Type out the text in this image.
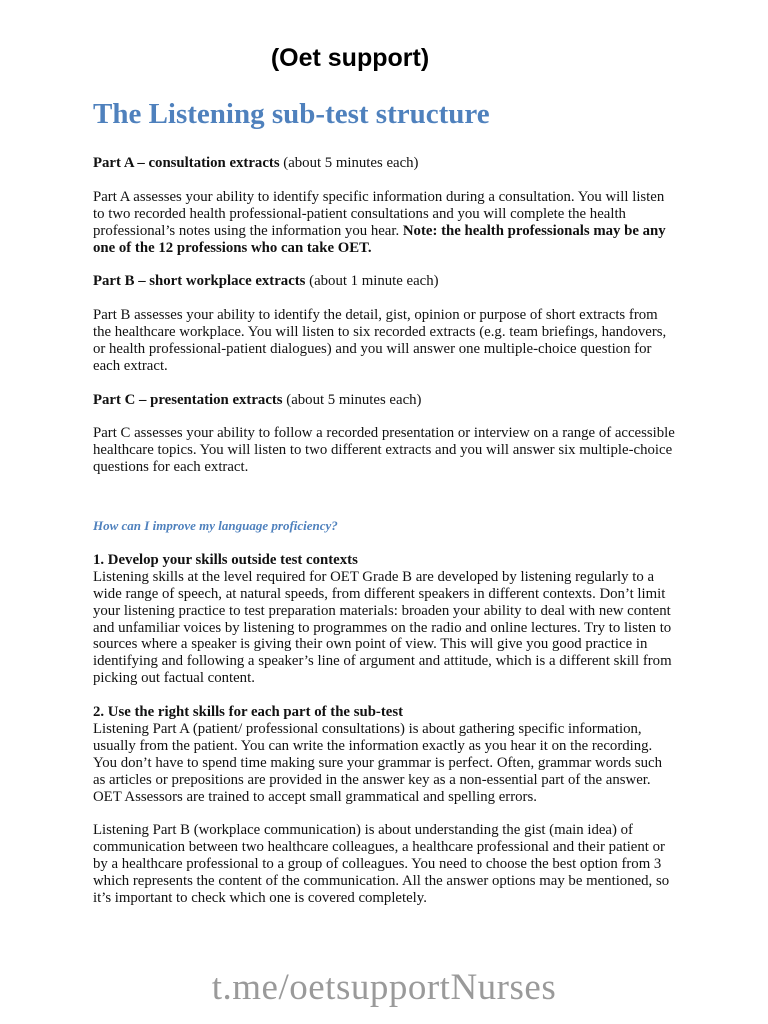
(Oet support)
The Listening sub-test structure

Part A – consultation extracts (about 5 minutes each)

Part A assesses your ability to identify specific information during a consultation. You will listen to two recorded health professional-patient consultations and you will complete the health professional’s notes using the information you hear. Note: the health professionals may be any one of the 12 professions who can take OET.

Part B – short workplace extracts (about 1 minute each)

Part B assesses your ability to identify the detail, gist, opinion or purpose of short extracts from the healthcare workplace. You will listen to six recorded extracts (e.g. team briefings, handovers, or health professional-patient dialogues) and you will answer one multiple-choice question for each extract.

Part C – presentation extracts (about 5 minutes each)

Part C assesses your ability to follow a recorded presentation or interview on a range of accessible healthcare topics. You will listen to two different extracts and you will answer six multiple-choice questions for each extract.

How can I improve my language proficiency?

1. Develop your skills outside test contexts

Listening skills at the level required for OET Grade B are developed by listening regularly to a wide range of speech, at natural speeds, from different speakers in different contexts. Don’t limit your listening practice to test preparation materials: broaden your ability to deal with new content and unfamiliar voices by listening to programmes on the radio and online lectures. Try to listen to sources where a speaker is giving their own point of view. This will give you good practice in identifying and following a speaker’s line of argument and attitude, which is a different skill from picking out factual content.

2. Use the right skills for each part of the sub-test

Listening Part A (patient/ professional consultations) is about gathering specific information, usually from the patient. You can write the information exactly as you hear it on the recording. You don’t have to spend time making sure your grammar is perfect. Often, grammar words such as articles or prepositions are provided in the answer key as a non-essential part of the answer. OET Assessors are trained to accept small grammatical and spelling errors.

Listening Part B (workplace communication) is about understanding the gist (main idea) of communication between two healthcare colleagues, a healthcare professional and their patient or by a healthcare professional to a group of colleagues. You need to choose the best option from 3 which represents the content of the communication. All the answer options may be mentioned, so it’s important to check which one is covered completely.

t.me/oetsupportNurses
